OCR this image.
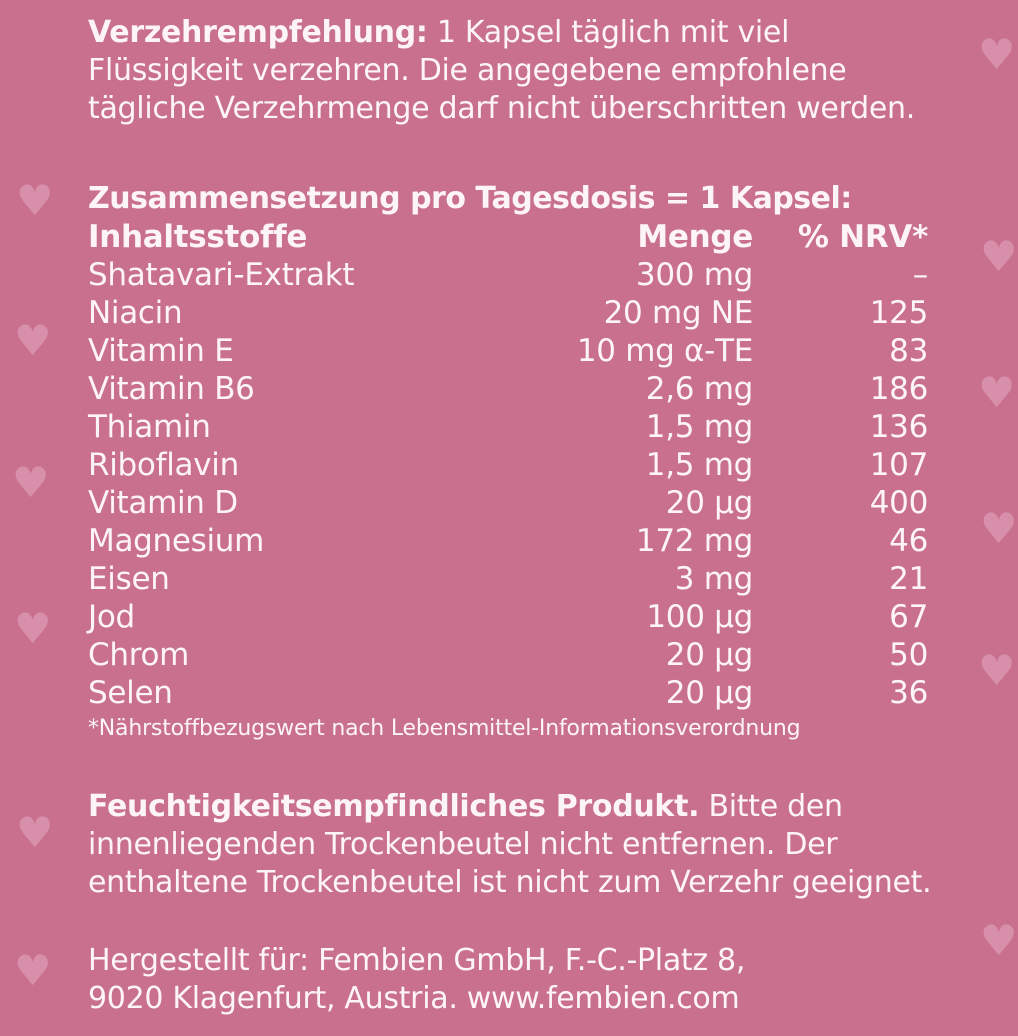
♥
♥
♥
♥
♥
♥
♥
♥
♥
♥
♥
♥
Verzehrempfehlung: 1 Kapsel täglich mit viel Flüssigkeit verzehren. Die angegebene empfohlene tägliche Verzehrmenge darf nicht überschritten werden.
Zusammensetzung pro Tagesdosis = 1 Kapsel:
Inhaltsstoffe	Menge	% NRV*
Shatavari-Extrakt	300 mg	–
Niacin	20 mg NE	125
Vitamin E	10 mg α-TE	83
Vitamin B6	2,6 mg	186
Thiamin	1,5 mg	136
Riboflavin	1,5 mg	107
Vitamin D	20 µg	400
Magnesium	172 mg	46
Eisen	3 mg	21
Jod	100 µg	67
Chrom	20 µg	50
Selen	20 µg	36
*Nährstoffbezugswert nach Lebensmittel-Informationsverordnung
Feuchtigkeitsempfindliches Produkt. Bitte den innenliegenden Trockenbeutel nicht entfernen. Der enthaltene Trockenbeutel ist nicht zum Verzehr geeignet.
Hergestellt für: Fembien GmbH, F.-C.-Platz 8,
9020 Klagenfurt, Austria. www.fembien.com
